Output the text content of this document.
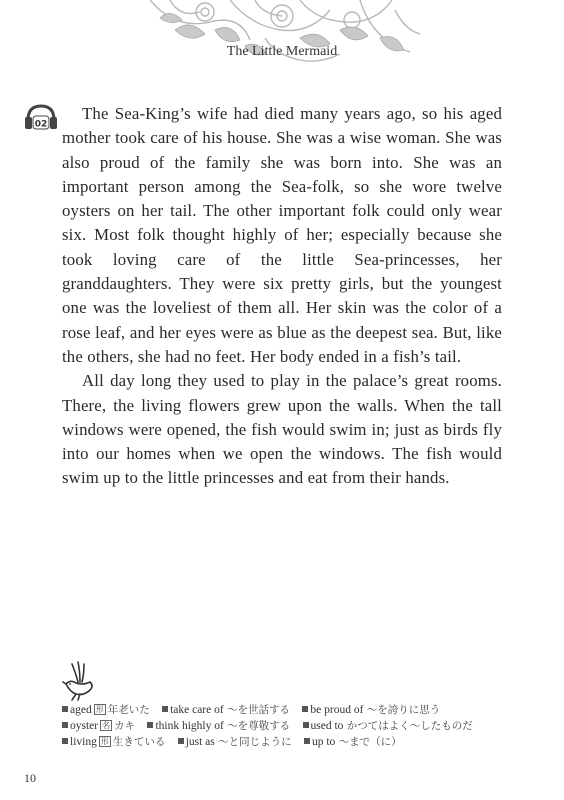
The Little Mermaid
02

The Sea-King’s wife had died many years ago, so his aged mother took care of his house. She was a wise woman. She was also proud of the family she was born into. She was an important person among the Sea-folk, so she wore twelve oysters on her tail. The other important folk could only wear six. Most folk thought highly of her; especially because she took loving care of the little Sea-princesses, her granddaughters. They were six pretty girls, but the youngest one was the loveliest of them all. Her skin was the color of a rose leaf, and her eyes were as blue as the deepest sea. But, like the others, she had no feet. Her body ended in a fish’s tail.

All day long they used to play in the palace’s great rooms. There, the living flowers grew upon the walls. When the tall windows were opened, the fish would swim in; just as birds fly into our homes when we open the windows. The fish would swim up to the little princesses and eat from their hands.

aged 形 年老いた take care of ～を世話する be proud of ～を誇りに思う
oyster 名 カキ think highly of ～を尊敬する used to かつてはよく～したものだ
living 形 生きている just as ～と同じように up to ～まで（に）
10
